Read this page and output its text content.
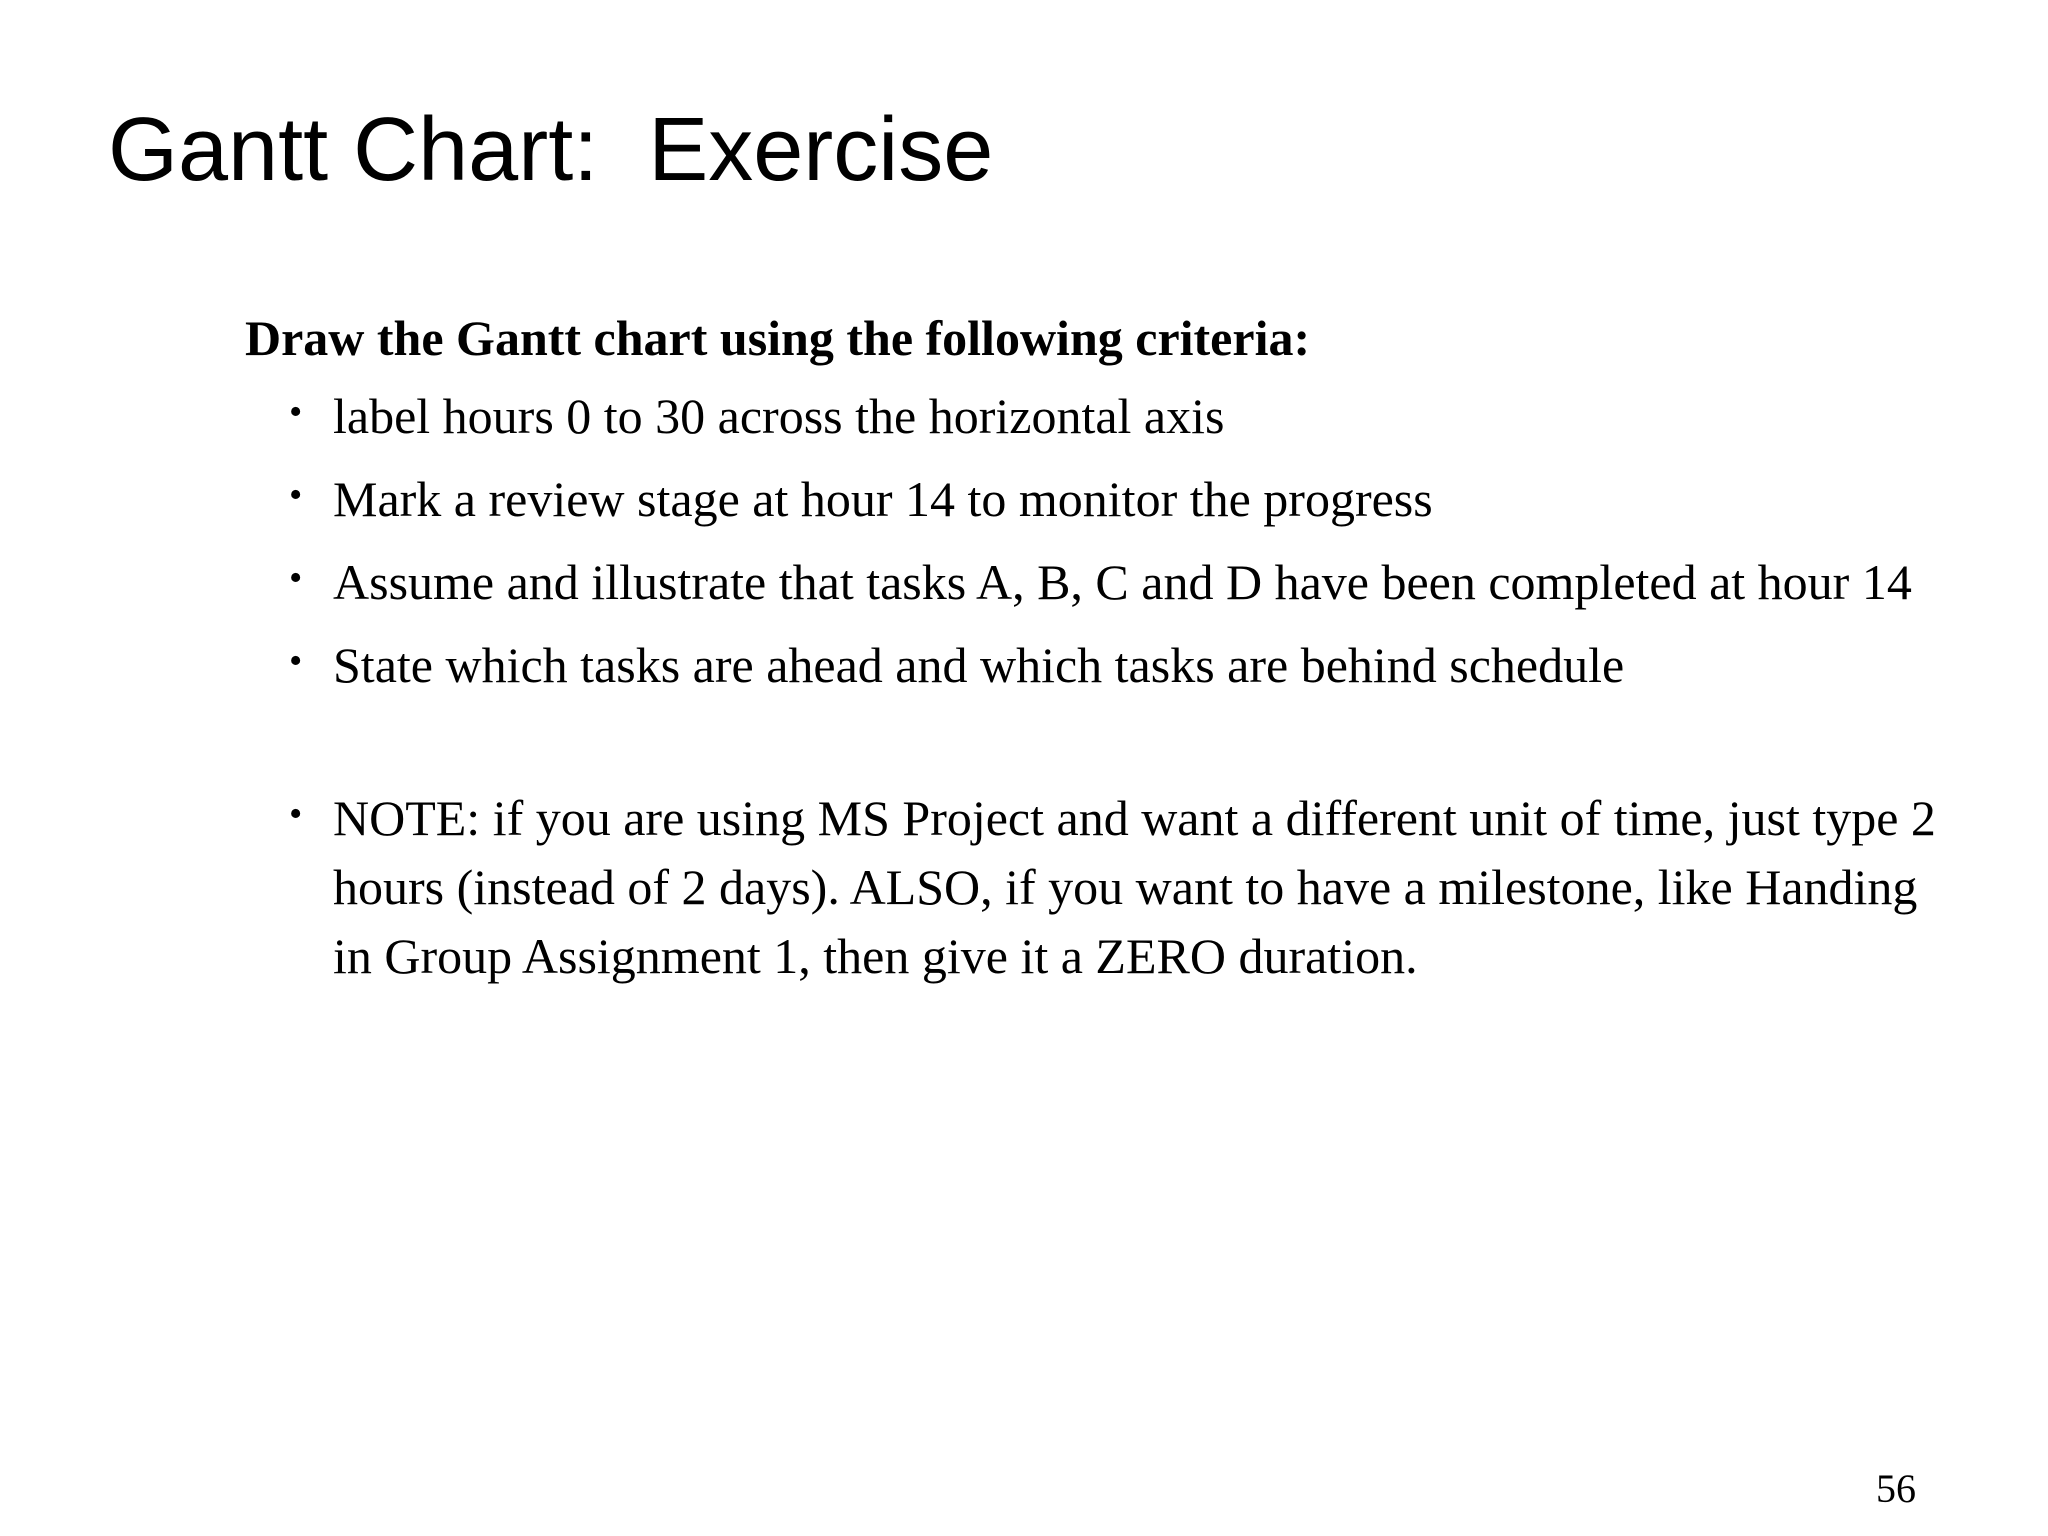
Gantt Chart:  Exercise

Draw the Gantt chart using the following criteria:

• label hours 0 to 30 across the horizontal axis
• Mark a review stage at hour 14 to monitor the progress
• Assume and illustrate that tasks A, B, C and D have been completed at hour 14
• State which tasks are ahead and which tasks are behind schedule
• NOTE: if you are using MS Project and want a different unit of time, just type 2 hours (instead of 2 days). ALSO, if you want to have a milestone, like Handing in Group Assignment 1, then give it a ZERO duration.

56
